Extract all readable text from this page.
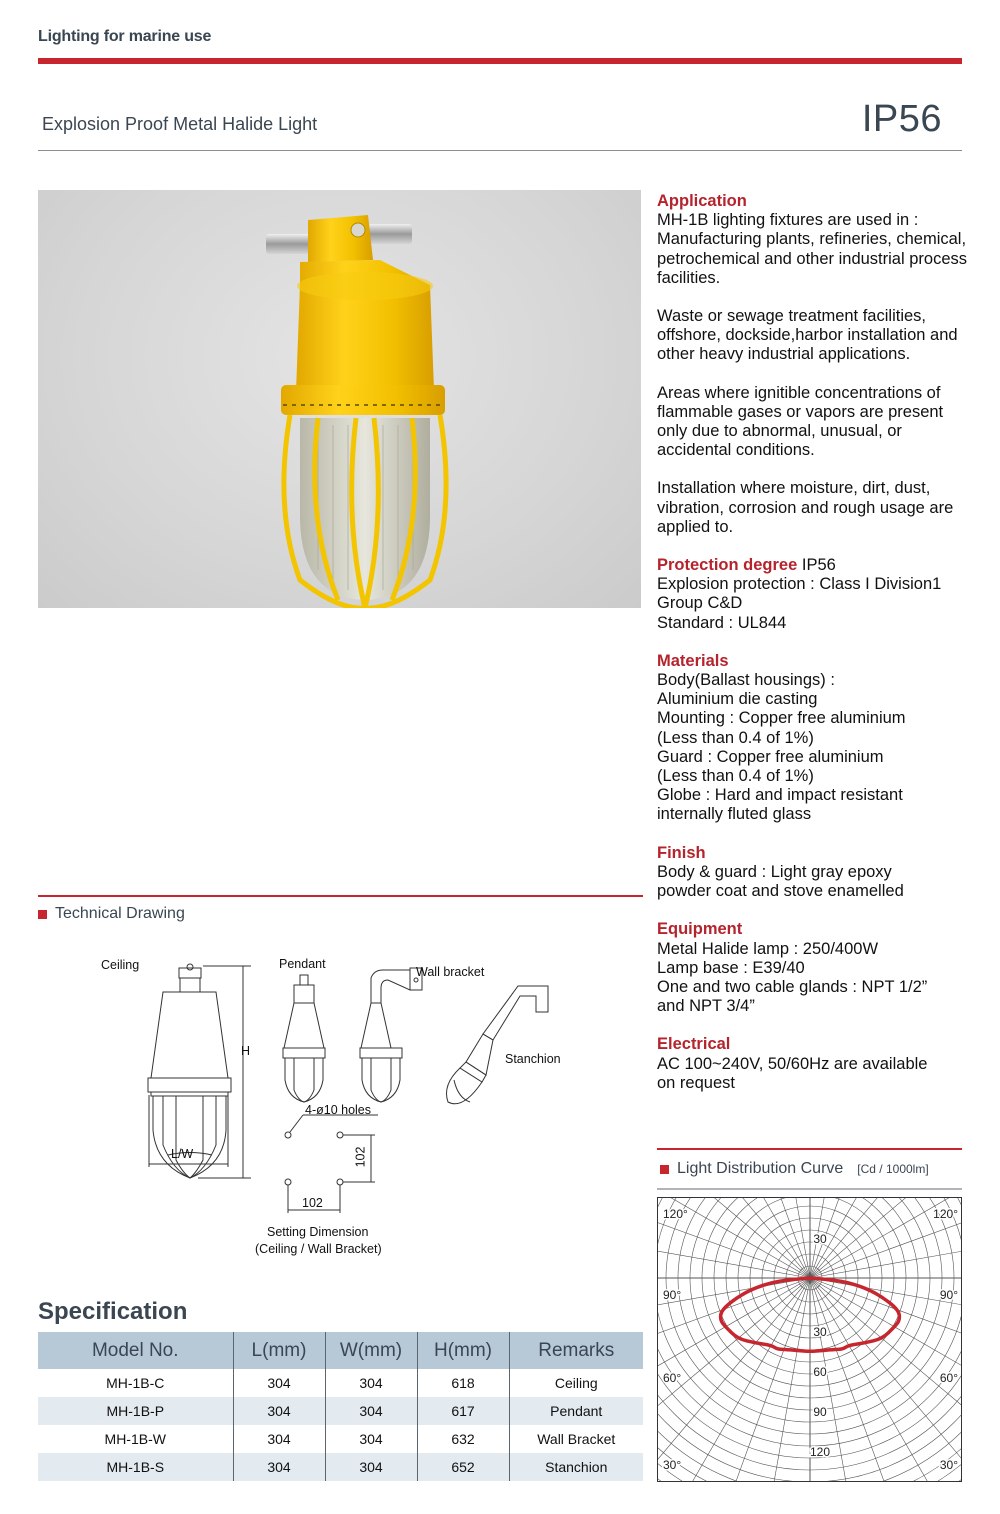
Lighting for marine use
Explosion Proof Metal Halide Light	IP56
Application
MH-1B lighting fixtures are used in : Manufacturing plants, refineries, chemical, petrochemical and other industrial process facilities.
Waste or sewage treatment facilities, offshore, dockside,harbor installation and other heavy industrial applications.
Areas where ignitible concentrations of flammable gases or vapors are present only due to abnormal, unusual, or accidental conditions.
Installation where moisture, dirt, dust, vibration, corrosion and rough usage are applied to.
Protection degree IP56
Explosion protection : Class I Division1
Group C&D
Standard : UL844
Materials
Body(Ballast housings) :
Aluminium die casting
Mounting : Copper free aluminium
(Less than 0.4 of 1%)
Guard : Copper free aluminium
(Less than 0.4 of 1%)
Globe : Hard and impact resistant
internally fluted glass
Finish
Body & guard : Light gray epoxy
powder coat and stove enamelled
Equipment
Metal Halide lamp : 250/400W
Lamp base : E39/40
One and two cable glands : NPT 1/2”
and NPT 3/4”
Electrical
AC 100~240V, 50/60Hz are available
on request
Technical Drawing
Ceiling	Pendant
Wall bracket
Stanchion
H
L/W
4-ø10 holes
102
102
Setting Dimension
(Ceiling / Wall Bracket)
Specification
Model No.	L(mm)	W(mm)	H(mm)	Remarks
MH-1B-C	304	304	618	Ceiling
MH-1B-P	304	304	617	Pendant
MH-1B-W	304	304	632	Wall Bracket
MH-1B-S	304	304	652	Stanchion
Light Distribution Curve [Cd / 1000lm]
30
30
60
90
120
120°
90°
60°
30°
120°
90°
60°
30°
